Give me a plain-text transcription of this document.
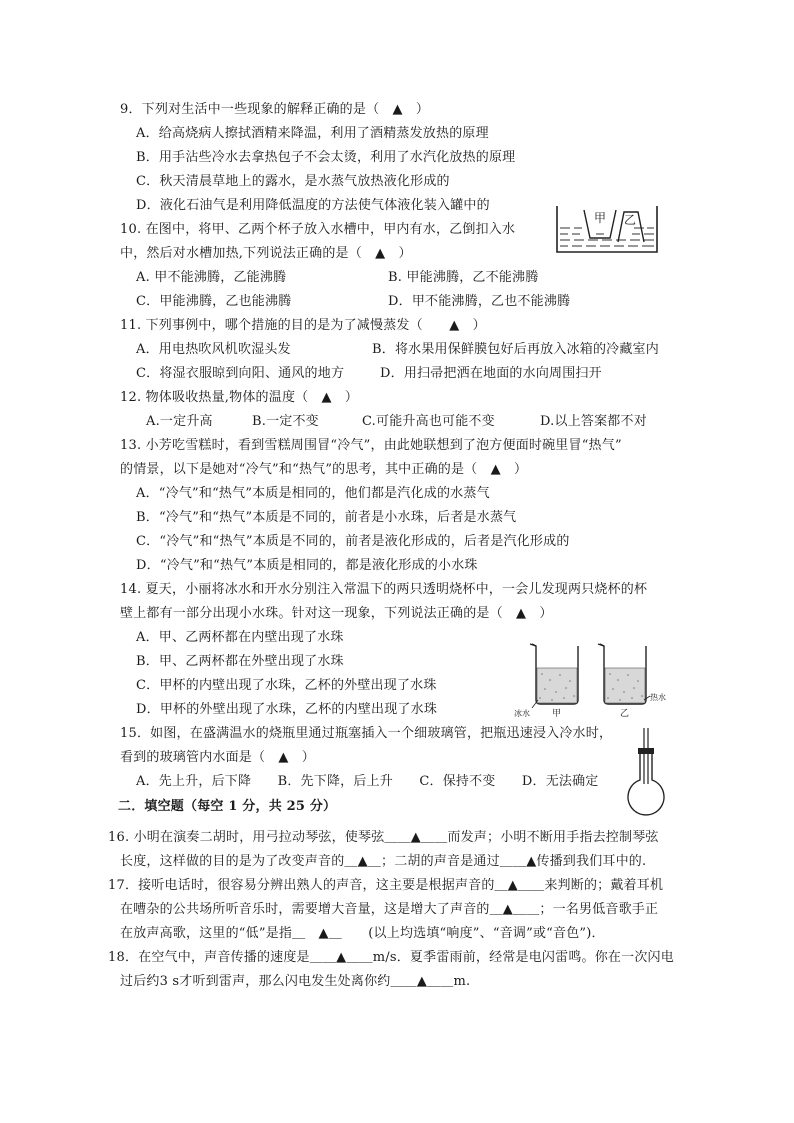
9．下列对生活中一些现象的解释正确的是（　▲　）
A．给高烧病人擦拭酒精来降温，利用了酒精蒸发放热的原理
B．用手沾些冷水去拿热包子不会太烫，利用了水汽化放热的原理
C．秋天清晨草地上的露水，是水蒸气放热液化形成的
D．液化石油气是利用降低温度的方法使气体液化装入罐中的
甲 乙
10. 在图中，将甲、乙两个杯子放入水槽中，甲内有水，乙倒扣入水
中，然后对水槽加热,下列说法正确的是（　▲　）
A. 甲不能沸腾，乙能沸腾	B. 甲能沸腾，乙不能沸腾
C．甲能沸腾，乙也能沸腾	D．甲不能沸腾，乙也不能沸腾
11. 下列事例中，哪个措施的目的是为了减慢蒸发（　　▲　）
A．用电热吹风机吹湿头发	B．将水果用保鲜膜包好后再放入冰箱的冷藏室内
C．将湿衣服晾到向阳、通风的地方	D．用扫帚把洒在地面的水向周围扫开
12. 物体吸收热量,物体的温度（　▲　）
A.一定升高	B.一定不变	C.可能升高也可能不变	D.以上答案都不对
13. 小芳吃雪糕时，看到雪糕周围冒“冷气”，由此她联想到了泡方便面时碗里冒“热气”
的情景，以下是她对“冷气”和“热气”的思考，其中正确的是（　▲　）
A．“冷气”和“热气”本质是相同的，他们都是汽化成的水蒸气
B．“冷气”和“热气”本质是不同的，前者是小水珠，后者是水蒸气
C．“冷气”和“热气”本质是不同的，前者是液化形成的，后者是汽化形成的
D．“冷气”和“热气”本质是相同的，都是液化形成的小水珠
14. 夏天，小丽将冰水和开水分别注入常温下的两只透明烧杯中，一会儿发现两只烧杯的杯
壁上都有一部分出现小水珠。针对这一现象，下列说法正确的是（　▲　）
A．甲、乙两杯都在内壁出现了水珠
B．甲、乙两杯都在外壁出现了水珠
C．甲杯的内壁出现了水珠，乙杯的外壁出现了水珠
D．甲杯的外壁出现了水珠，乙杯的内壁出现了水珠	冰水 甲	乙
热水
15．如图，在盛满温水的烧瓶里通过瓶塞插入一个细玻璃管，把瓶迅速浸入冷水时，
看到的玻璃管内水面是（　▲　）
A．先上升，后下降　　B．先下降，后上升　　C．保持不变　　D．无法确定
二．填空题（每空 1 分，共 25 分）
16. 小明在演奏二胡时，用弓拉动琴弦，使琴弦＿＿▲＿＿而发声；小明不断用手指去控制琴弦
长度，这样做的目的是为了改变声音的＿▲＿；二胡的声音是通过＿＿▲传播到我们耳中的.
17．接听电话时，很容易分辨出熟人的声音，这主要是根据声音的＿▲＿＿来判断的；戴着耳机
在嘈杂的公共场所听音乐时，需要增大音量，这是增大了声音的＿▲＿＿；一名男低音歌手正
在放声高歌，这里的“低”是指＿　▲＿　　(以上均选填“响度”、“音调”或“音色”)．
18．在空气中，声音传播的速度是＿＿▲＿＿m/s．夏季雷雨前，经常是电闪雷鸣。你在一次闪电
过后约3 s才听到雷声，那么闪电发生处离你约＿＿▲＿＿m.
